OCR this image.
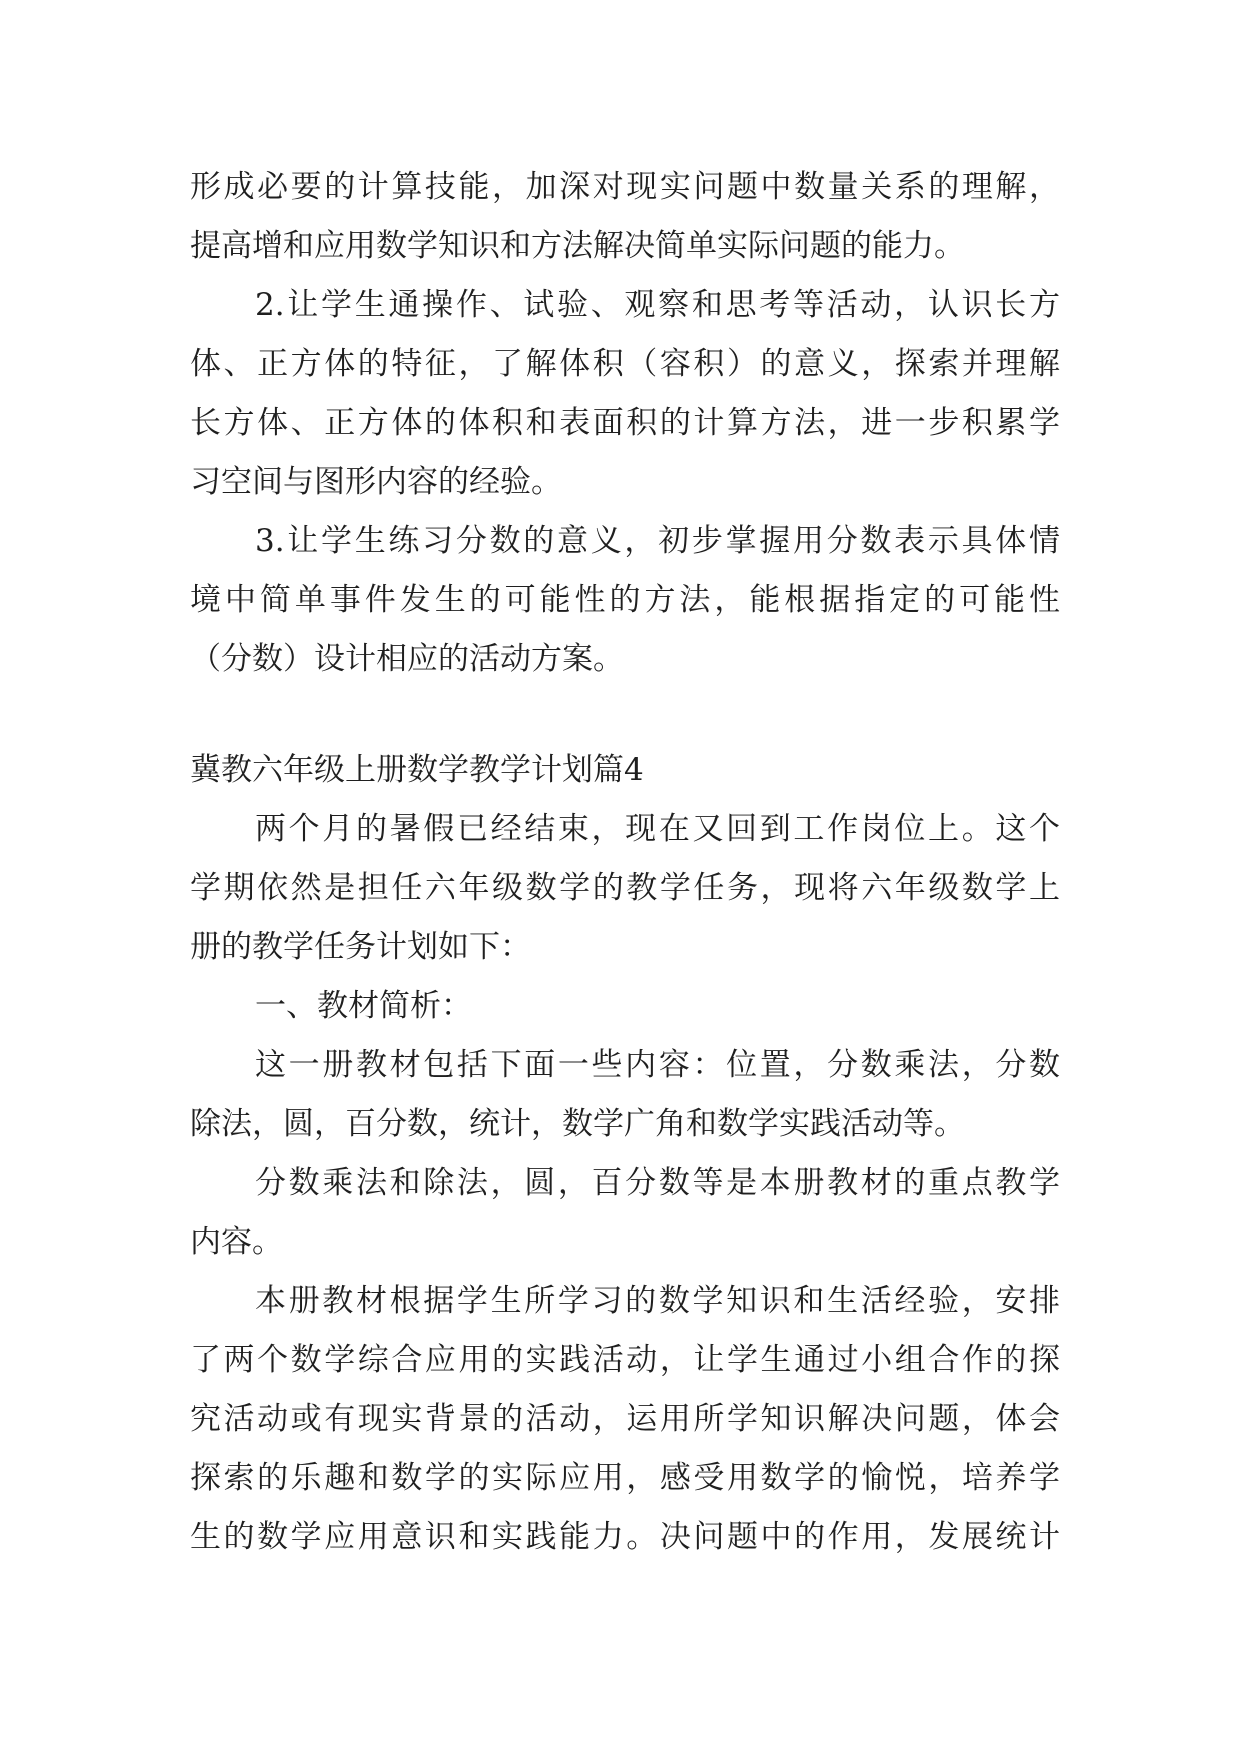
形成必要的计算技能，加深对现实问题中数量关系的理解，
提高增和应用数学知识和方法解决简单实际问题的能力。
2.让学生通操作、试验、观察和思考等活动，认识长方
体、正方体的特征，了解体积（容积）的意义，探索并理解
长方体、正方体的体积和表面积的计算方法，进一步积累学
习空间与图形内容的经验。
3.让学生练习分数的意义，初步掌握用分数表示具体情
境中简单事件发生的可能性的方法，能根据指定的可能性
（分数）设计相应的活动方案。
冀教六年级上册数学教学计划篇4
两个月的暑假已经结束，现在又回到工作岗位上。这个
学期依然是担任六年级数学的教学任务，现将六年级数学上
册的教学任务计划如下：
一、教材简析：
这一册教材包括下面一些内容：位置，分数乘法，分数
除法，圆，百分数，统计，数学广角和数学实践活动等。
分数乘法和除法，圆，百分数等是本册教材的重点教学
内容。
本册教材根据学生所学习的数学知识和生活经验，安排
了两个数学综合应用的实践活动，让学生通过小组合作的探
究活动或有现实背景的活动，运用所学知识解决问题，体会
探索的乐趣和数学的实际应用，感受用数学的愉悦，培养学
生的数学应用意识和实践能力。决问题中的作用，发展统计
